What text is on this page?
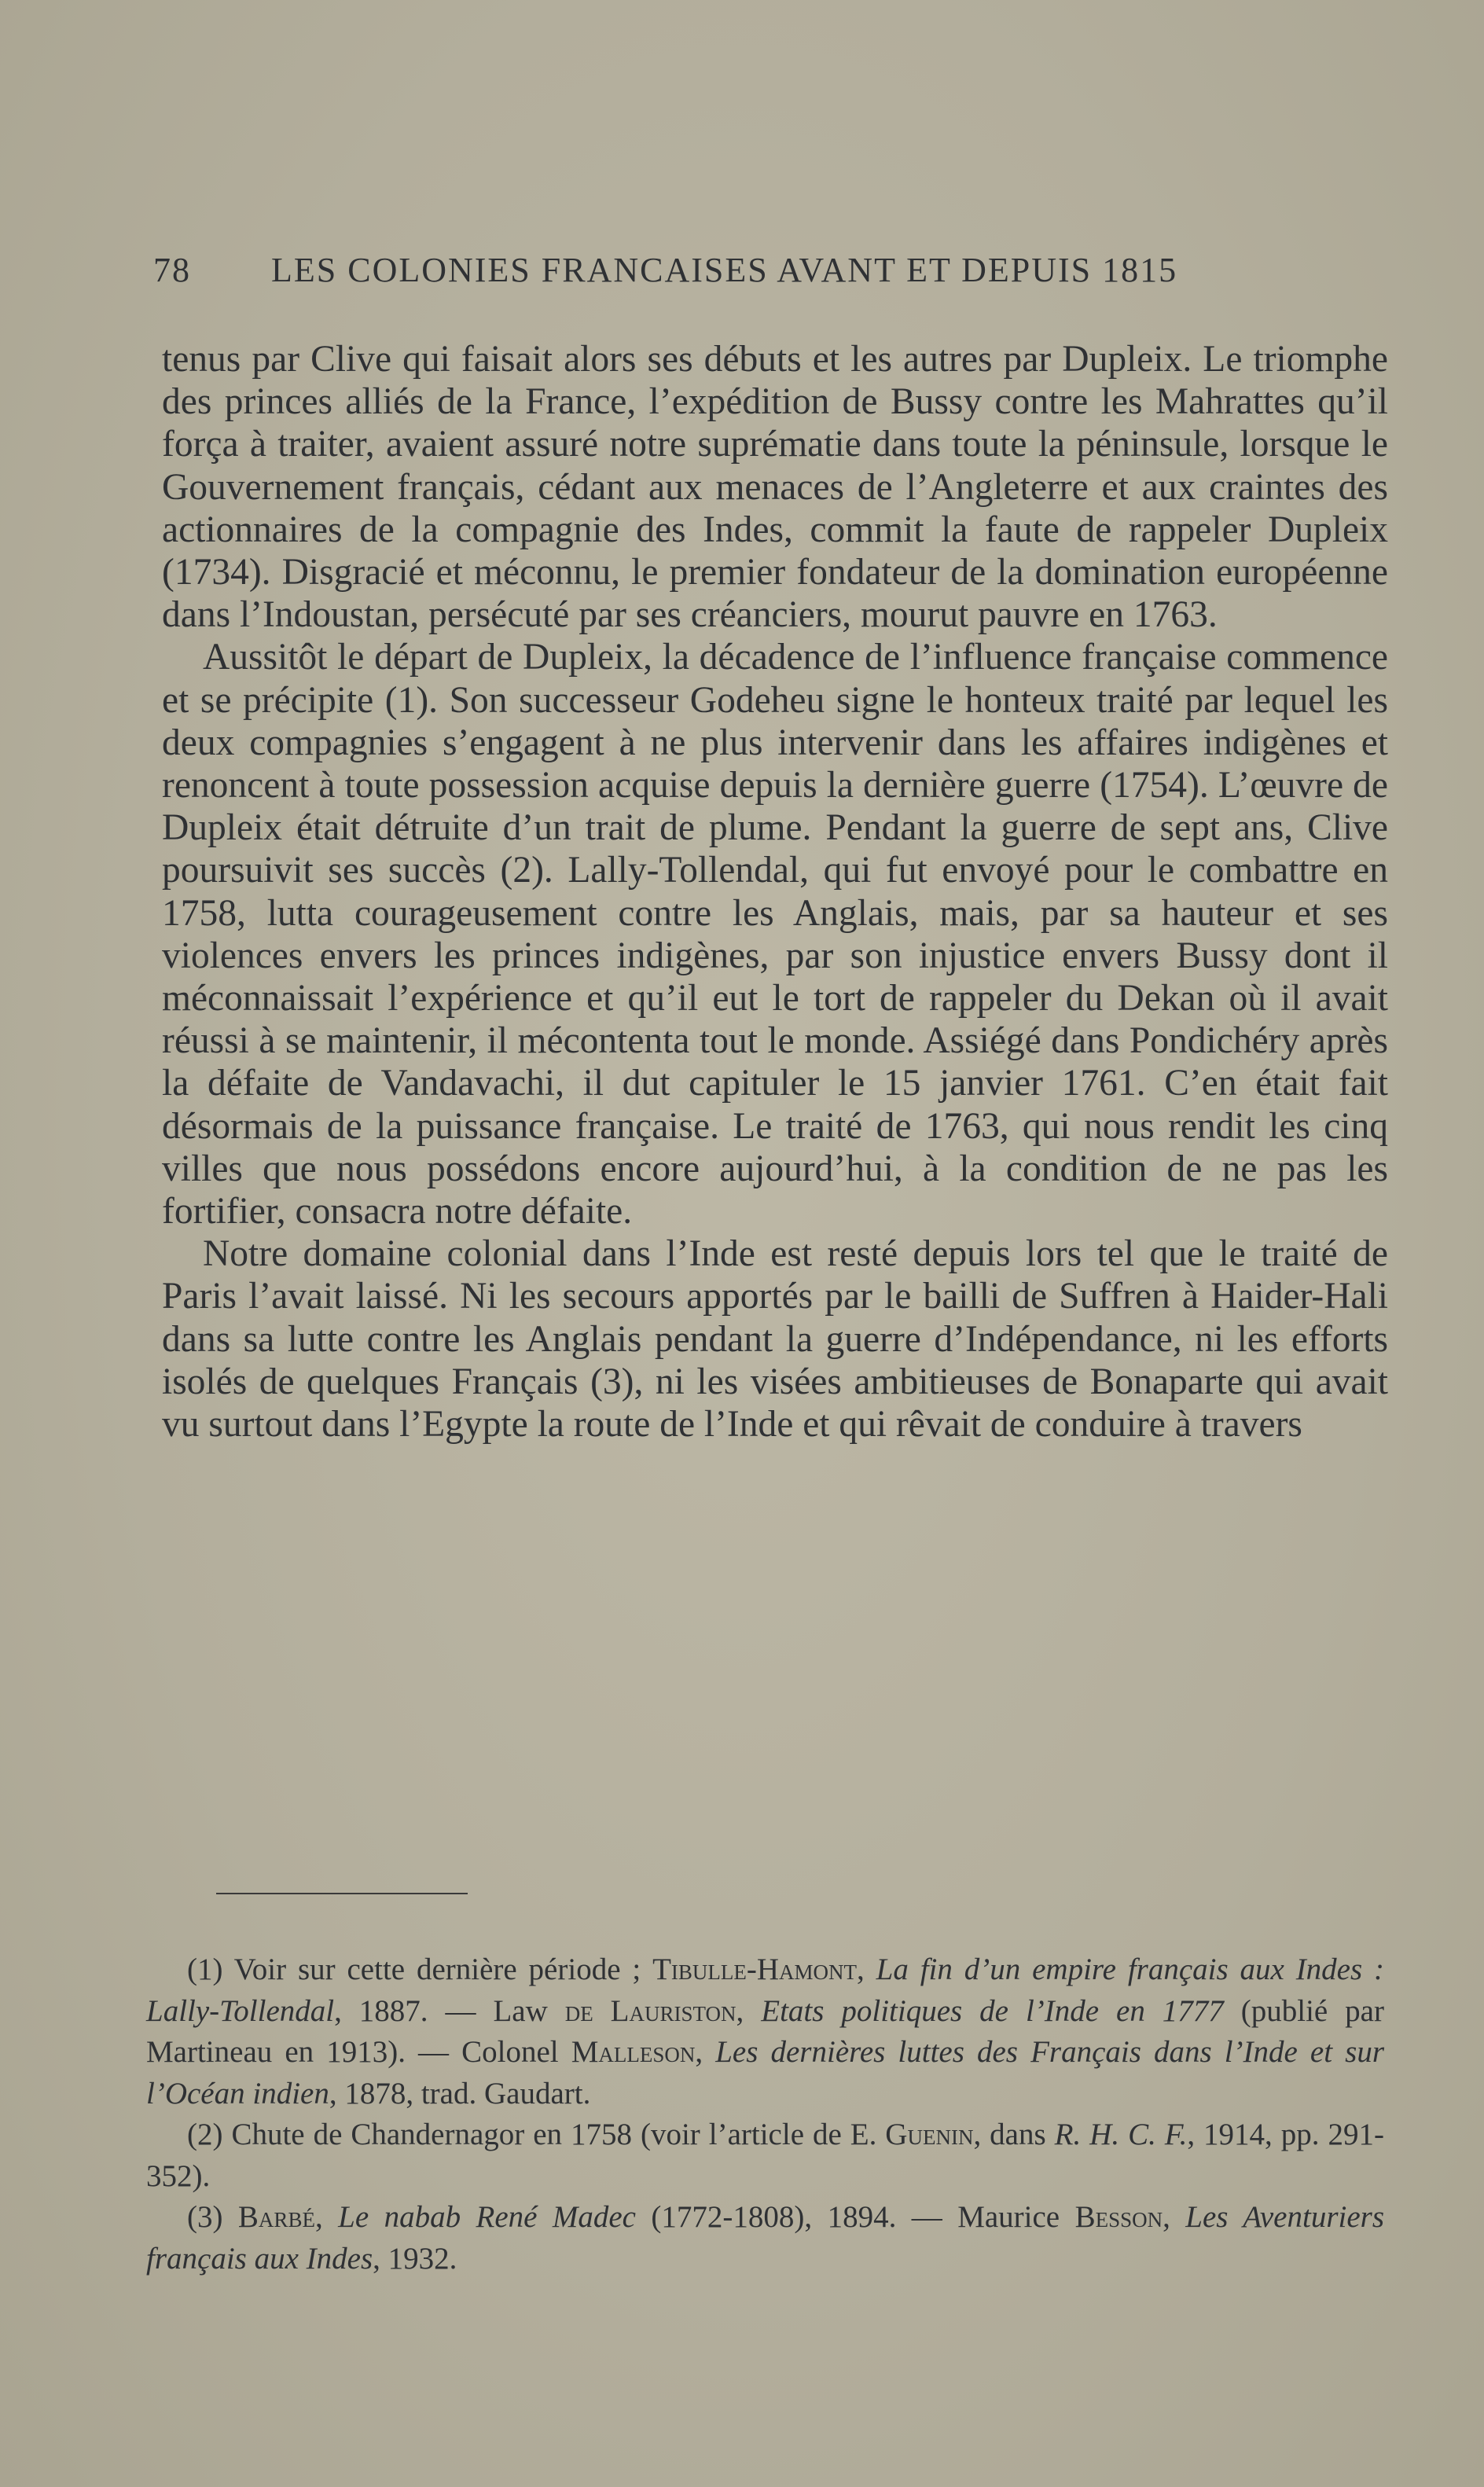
78	LES COLONIES FRANCAISES AVANT ET DEPUIS 1815

tenus par Clive qui faisait alors ses débuts et les autres par Dupleix. Le triomphe des princes alliés de la France, l’expédition de Bussy contre les Mahrattes qu’il força à traiter, avaient assuré notre suprématie dans toute la péninsule, lorsque le Gouvernement français, cédant aux menaces de l’Angleterre et aux craintes des actionnaires de la compagnie des Indes, commit la faute de rappeler Dupleix (1734). Disgracié et méconnu, le premier fondateur de la domination européenne dans l’Indoustan, persécuté par ses créanciers, mourut pauvre en 1763.

Aussitôt le départ de Dupleix, la décadence de l’influence française commence et se précipite (1). Son successeur Godeheu signe le honteux traité par lequel les deux compagnies s’engagent à ne plus intervenir dans les affaires indigènes et renoncent à toute possession acquise depuis la dernière guerre (1754). L’œuvre de Dupleix était détruite d’un trait de plume. Pendant la guerre de sept ans, Clive poursuivit ses succès (2). Lally-Tollendal, qui fut envoyé pour le combattre en 1758, lutta courageusement contre les Anglais, mais, par sa hauteur et ses violences envers les princes indigènes, par son injustice envers Bussy dont il méconnaissait l’expérience et qu’il eut le tort de rappeler du Dekan où il avait réussi à se maintenir, il mécontenta tout le monde. Assiégé dans Pondichéry après la défaite de Vandavachi, il dut capituler le 15 janvier 1761. C’en était fait désormais de la puissance française. Le traité de 1763, qui nous rendit les cinq villes que nous possédons encore aujourd’hui, à la condition de ne pas les fortifier, consacra notre défaite.

Notre domaine colonial dans l’Inde est resté depuis lors tel que le traité de Paris l’avait laissé. Ni les secours apportés par le bailli de Suffren à Haider-Hali dans sa lutte contre les Anglais pendant la guerre d’Indépendance, ni les efforts isolés de quelques Français (3), ni les visées ambitieuses de Bonaparte qui avait vu surtout dans l’Egypte la route de l’Inde et qui rêvait de conduire à travers

(1) Voir sur cette dernière période ; Tibulle-Hamont, La fin d’un empire français aux Indes : Lally-Tollendal, 1887. — Law de Lauriston, Etats politiques de l’Inde en 1777 (publié par Martineau en 1913). — Colonel Malleson, Les dernières luttes des Français dans l’Inde et sur l’Océan indien, 1878, trad. Gaudart.

(2) Chute de Chandernagor en 1758 (voir l’article de E. Guenin, dans R. H. C. F., 1914, pp. 291-352).

(3) Barbé, Le nabab René Madec (1772-1808), 1894. — Maurice Besson, Les Aventuriers français aux Indes, 1932.
